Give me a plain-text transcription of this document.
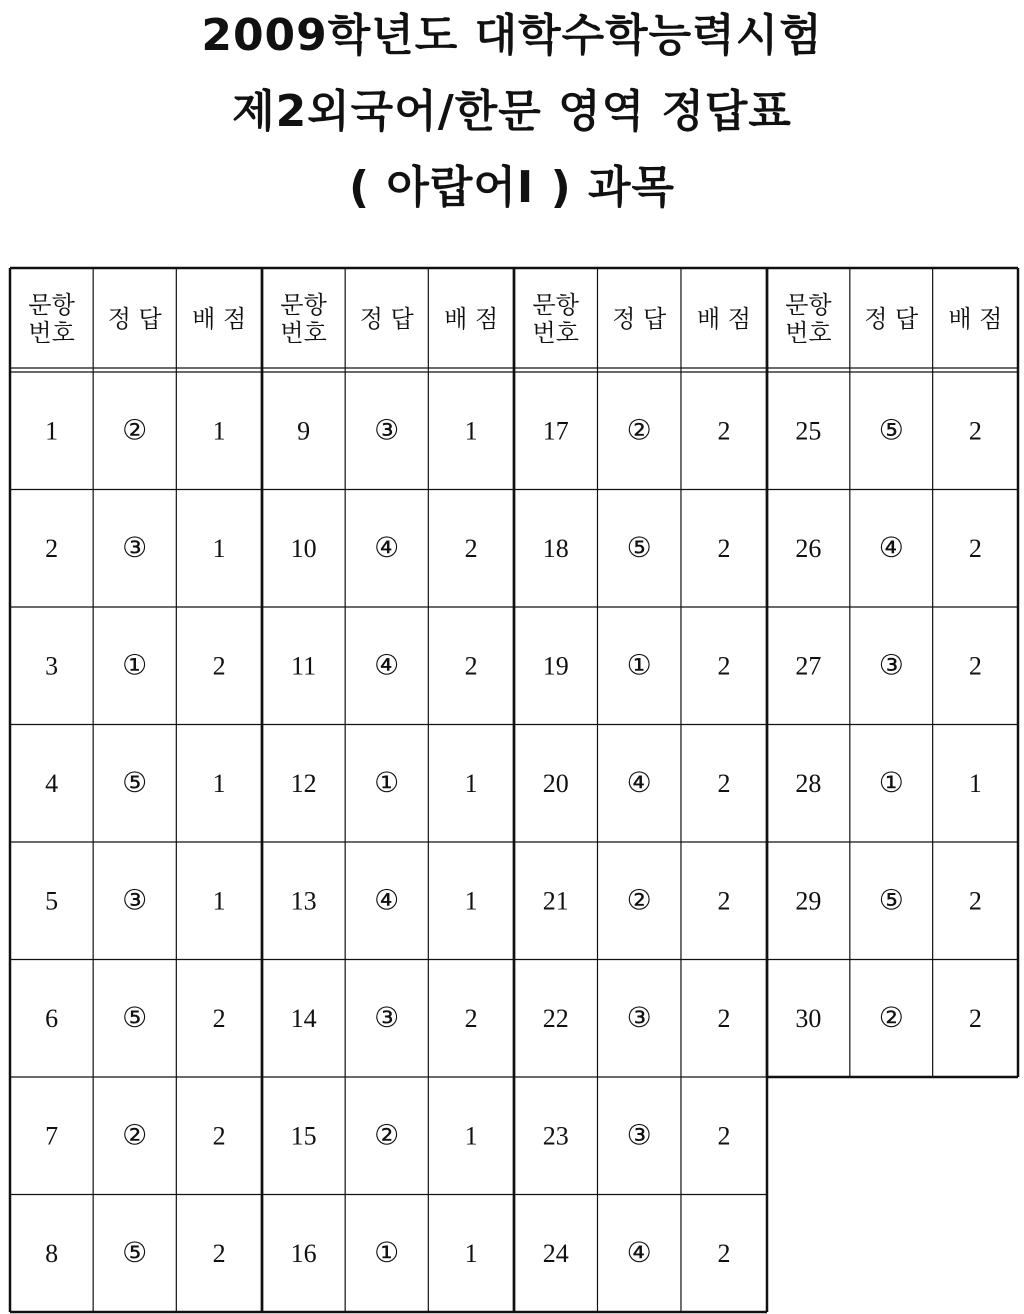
2009학년도 대학수학능력시험
제2외국어/한문 영역 정답표
( 아랍어Ⅰ ) 과목
문항
번호 정 답 배 점
1 ②	1
2 ③	1
3 ①	2
4 ⑤	1
5 ③	1
6 ⑤	2
7 ②	2
8 ⑤	2
문항
번호 정 답 배 점
9 ③	1
10 ④	2
11 ④	2
12 ①	1
13 ④	1
14 ③	2
15 ②	1
16 ①	1
문항
번호 정 답 배 점
17 ②	2
18 ⑤	2
19 ①	2
20 ④	2
21 ②	2
22 ③	2
23 ③	2
24 ④	2
문항
번호 정 답 배 점
25 ⑤	2
26 ④	2
27 ③	2
28 ①	1
29 ⑤	2
30 ②	2
